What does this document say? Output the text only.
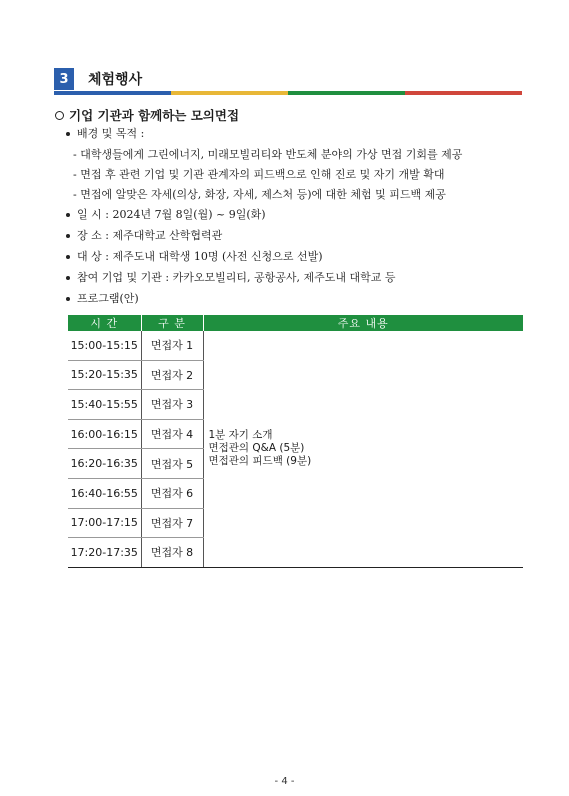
3	체험행사
기업 기관과 함께하는 모의면접
배경 및 목적 :
- 대학생들에게 그린에너지, 미래모빌리티와 반도체 분야의 가상 면접 기회를 제공
- 면접 후 관련 기업 및 기관 관계자의 피드백으로 인해 진로 및 자기 개발 확대
- 면접에 알맞은 자세(의상, 화장, 자세, 제스처 등)에 대한 체험 및 피드백 제공
일 시 : 2024년 7월 8일(월) ~ 9일(화)
장 소 : 제주대학교 산학협력관
대 상 : 제주도내 대학생 10명 (사전 신청으로 선발)
참여 기업 및 기관 : 카카오모빌리티, 공항공사, 제주도내 대학교 등
프로그램(안)
시 간	구 분	주요 내용
15:00-15:15	면접자 1	1분 자기 소개
면접관의 Q&A (5분)
면접관의 피드백 (9분)

15:20-15:35	면접자 2	
15:40-15:55	면접자 3	
16:00-16:15	면접자 4	
16:20-16:35	면접자 5	
16:40-16:55	면접자 6	
17:00-17:15	면접자 7	
17:20-17:35	면접자 8	
- 4 -
